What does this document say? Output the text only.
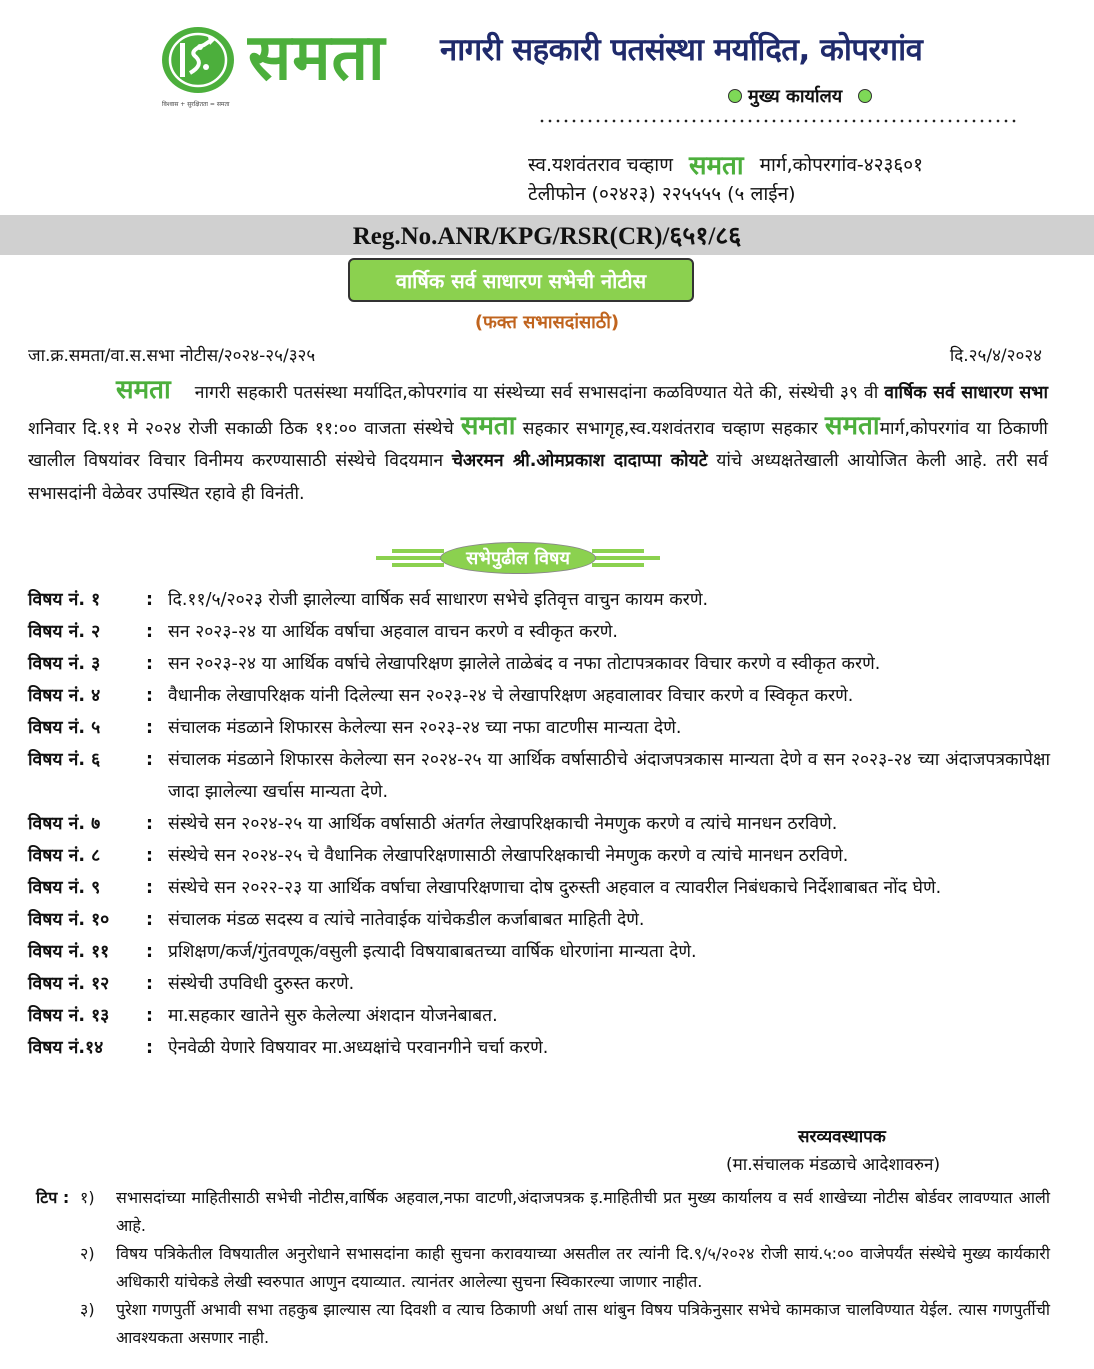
समता
विश्वास + सुरक्षितता = समता
नागरी सहकारी पतसंस्था मर्यादित, कोपरगांव
मुख्य कार्यालय
स्व.यशवंतराव चव्हाण समता मार्ग,कोपरगांव-४२३६०१
टेलीफोन (०२४२३) २२५५५५ (५ लाईन)
Reg.No.ANR/KPG/RSR(CR)/६५१/८६
वार्षिक सर्व साधारण सभेची नोटीस
(फक्त सभासदांसाठी)
जा.क्र.समता/वा.स.सभा नोटीस/२०२४-२५/३२५	दि.२५/४/२०२४
समता नागरी सहकारी पतसंस्था मर्यादित,कोपरगांव या संस्थेच्या सर्व सभासदांना कळविण्यात येते की, संस्थेची ३९ वी वार्षिक सर्व साधारण सभा शनिवार दि.११ मे २०२४ रोजी सकाळी ठिक ११:०० वाजता संस्थेचे समता सहकार सभागृह,स्व.यशवंतराव चव्हाण सहकार समतामार्ग,कोपरगांव या ठिकाणी खालील विषयांवर विचार विनीमय करण्यासाठी संस्थेचे विदयमान चेअरमन श्री.ओमप्रकाश दादाप्पा कोयटे यांचे अध्यक्षतेखाली आयोजित केली आहे. तरी सर्व सभासदांनी वेळेवर उपस्थित रहावे ही विनंती.
सभेपुढील विषय
विषय नं. १	: दि.११/५/२०२३ रोजी झालेल्या वार्षिक सर्व साधारण सभेचे इतिवृत्त वाचुन कायम करणे.
विषय नं. २	: सन २०२३-२४ या आर्थिक वर्षाचा अहवाल वाचन करणे व स्वीकृत करणे.
विषय नं. ३	: सन २०२३-२४ या आर्थिक वर्षाचे लेखापरिक्षण झालेले ताळेबंद व नफा तोटापत्रकावर विचार करणे व स्वीकृत करणे.
विषय नं. ४	: वैधानीक लेखापरिक्षक यांनी दिलेल्या सन २०२३-२४ चे लेखापरिक्षण अहवालावर विचार करणे व स्विकृत करणे.
विषय नं. ५	: संचालक मंडळाने शिफारस केलेल्या सन २०२३-२४ च्या नफा वाटणीस मान्यता देणे.
विषय नं. ६	: संचालक मंडळाने शिफारस केलेल्या सन २०२४-२५ या आर्थिक वर्षासाठीचे अंदाजपत्रकास मान्यता देणे व सन २०२३-२४ च्या अंदाजपत्रकापेक्षा जादा झालेल्या खर्चास मान्यता देणे.
विषय नं. ७	: संस्थेचे सन २०२४-२५ या आर्थिक वर्षासाठी अंतर्गत लेखापरिक्षकाची नेमणुक करणे व त्यांचे मानधन ठरविणे.
विषय नं. ८	: संस्थेचे सन २०२४-२५ चे वैधानिक लेखापरिक्षणासाठी लेखापरिक्षकाची नेमणुक करणे व त्यांचे मानधन ठरविणे.
विषय नं. ९	: संस्थेचे सन २०२२-२३ या आर्थिक वर्षाचा लेखापरिक्षणाचा दोष दुरुस्ती अहवाल व त्यावरील निबंधकाचे निर्देशाबाबत नोंद घेणे.
विषय नं. १०	: संचालक मंडळ सदस्य व त्यांचे नातेवाईक यांचेकडील कर्जाबाबत माहिती देणे.
विषय नं. ११	: प्रशिक्षण/कर्ज/गुंतवणूक/वसुली इत्यादी विषयाबाबतच्या वार्षिक धोरणांना मान्यता देणे.
विषय नं. १२	: संस्थेची उपविधी दुरुस्त करणे.
विषय नं. १३	: मा.सहकार खातेने सुरु केलेल्या अंशदान योजनेबाबत.
विषय नं.१४	: ऐनवेळी येणारे विषयावर मा.अध्यक्षांचे परवानगीने चर्चा करणे.
सरव्यवस्थापक
(मा.संचालक मंडळाचे आदेशावरुन)
टिप : १)	सभासदांच्या माहितीसाठी सभेची नोटीस,वार्षिक अहवाल,नफा वाटणी,अंदाजपत्रक इ.माहितीची प्रत मुख्य कार्यालय व सर्व शाखेच्या नोटीस बोर्डवर लावण्यात आली आहे.
२)	विषय पत्रिकेतील विषयातील अनुरोधाने सभासदांना काही सुचना करावयाच्या असतील तर त्यांनी दि.९/५/२०२४ रोजी सायं.५:०० वाजेपर्यंत संस्थेचे मुख्य कार्यकारी अधिकारी यांचेकडे लेखी स्वरुपात आणुन दयाव्यात. त्यानंतर आलेल्या सुचना स्विकारल्या जाणार नाहीत.
३)	पुरेशा गणपुर्ती अभावी सभा तहकुब झाल्यास त्या दिवशी व त्याच ठिकाणी अर्धा तास थांबुन विषय पत्रिकेनुसार सभेचे कामकाज चालविण्यात येईल. त्यास गणपुर्तीची आवश्यकता असणार नाही.
